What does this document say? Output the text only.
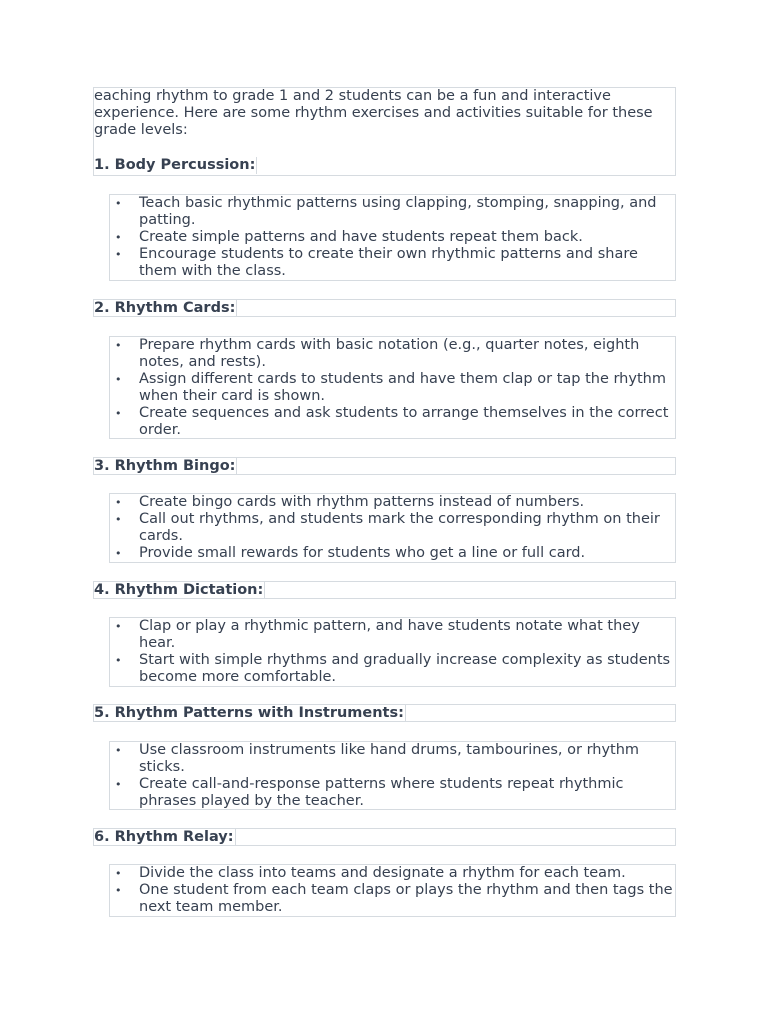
eaching rhythm to grade 1 and 2 students can be a fun and interactive experience. Here are some rhythm exercises and activities suitable for these grade levels:
1. Body Percussion:
• Teach basic rhythmic patterns using clapping, stomping, snapping, and patting.
• Create simple patterns and have students repeat them back.
• Encourage students to create their own rhythmic patterns and share them with the class.
2. Rhythm Cards:
• Prepare rhythm cards with basic notation (e.g., quarter notes, eighth notes, and rests).
• Assign different cards to students and have them clap or tap the rhythm when their card is shown.
• Create sequences and ask students to arrange themselves in the correct order.
3. Rhythm Bingo:
• Create bingo cards with rhythm patterns instead of numbers.
• Call out rhythms, and students mark the corresponding rhythm on their cards.
• Provide small rewards for students who get a line or full card.
4. Rhythm Dictation:
• Clap or play a rhythmic pattern, and have students notate what they hear.
• Start with simple rhythms and gradually increase complexity as students become more comfortable.
5. Rhythm Patterns with Instruments:
• Use classroom instruments like hand drums, tambourines, or rhythm sticks.
• Create call-and-response patterns where students repeat rhythmic phrases played by the teacher.
6. Rhythm Relay:
• Divide the class into teams and designate a rhythm for each team.
• One student from each team claps or plays the rhythm and then tags the next team member.
